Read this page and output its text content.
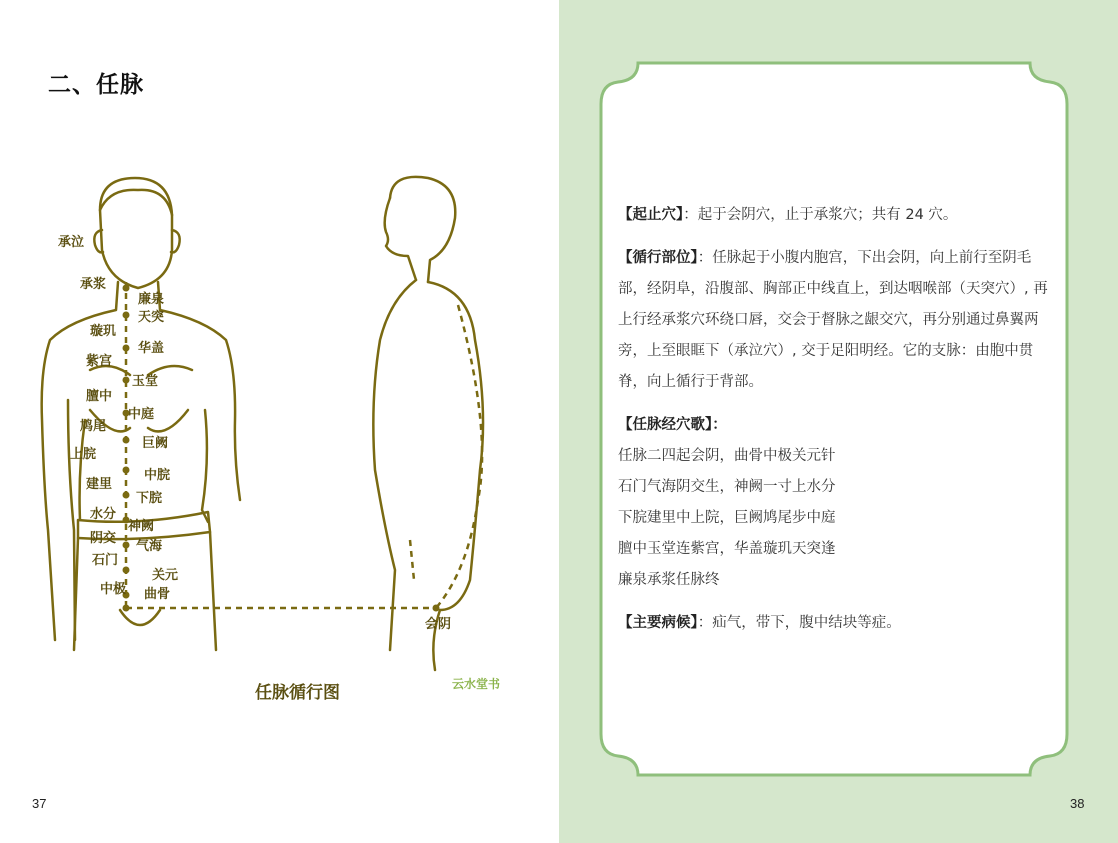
二、任脉
承泣
承浆
璇玑
紫宫
膻中
鸠尾
上脘
建里
水分
阴交
石门
中极
廉泉
天突
华盖
玉堂
中庭
巨阙
中脘
下脘
神阙
气海
关元
曲骨
会阴
任脉循行图	云水堂书
37	38

【起止穴】：起于会阴穴，止于承浆穴；共有 24 穴。

【循行部位】：任脉起于小腹内胞宫，下出会阴，向上前行至阴毛部，经阴阜，沿腹部、胸部正中线直上，到达咽喉部（天突穴）, 再上行经承浆穴环绕口唇，交会于督脉之龈交穴，再分别通过鼻翼两旁，上至眼眶下（承泣穴）, 交于足阳明经。它的支脉：由胞中贯脊，向上循行于背部。

【任脉经穴歌】：
任脉二四起会阴，曲骨中极关元针
石门气海阴交生，神阙一寸上水分
下脘建里中上院，巨阙鸠尾步中庭
膻中玉堂连紫宫，华盖璇玑天突逢
廉泉承浆任脉终

【主要病候】：疝气，带下，腹中结块等症。
